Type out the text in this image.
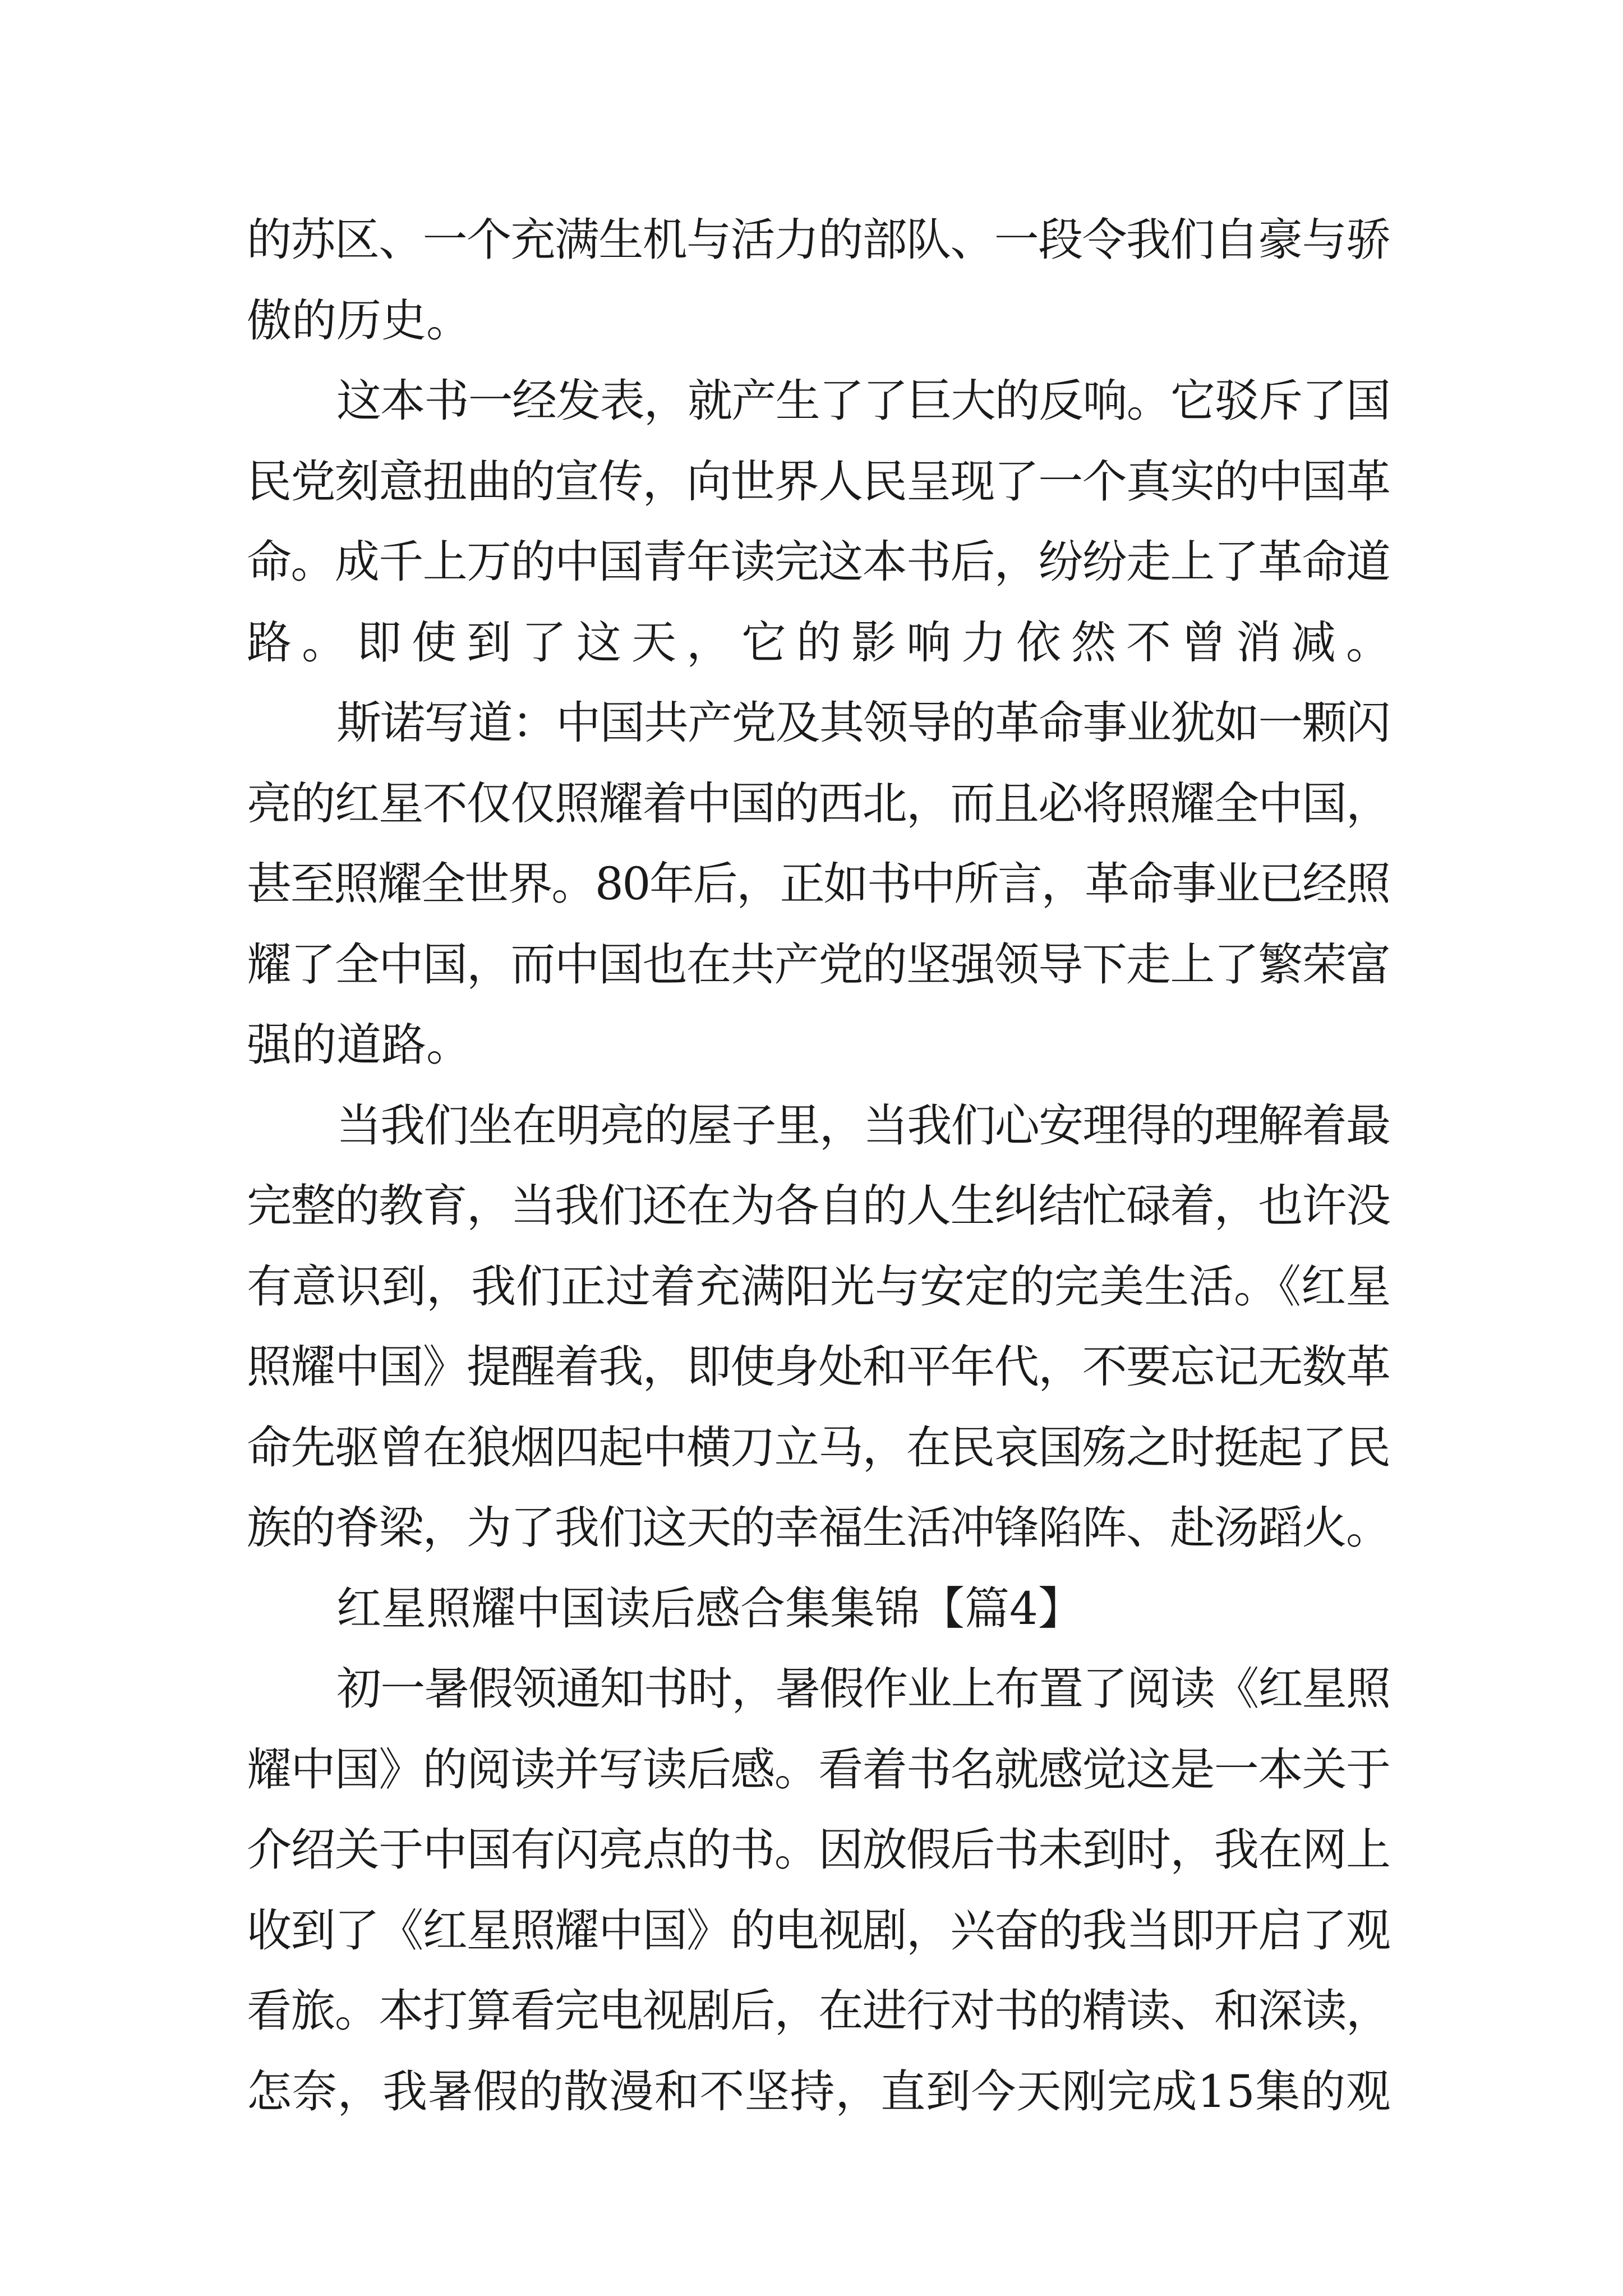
的苏区、一个充满生机与活力的部队、一段令我们自豪与骄
傲的历史。
这本书一经发表，就产生了了巨大的反响。它驳斥了国
民党刻意扭曲的宣传，向世界人民呈现了一个真实的中国革
命。成千上万的中国青年读完这本书后，纷纷走上了革命道
路。即使到了这天，它的影响力依然不曾消减。
斯诺写道：中国共产党及其领导的革命事业犹如一颗闪
亮的红星不仅仅照耀着中国的西北，而且必将照耀全中国，
甚至照耀全世界。80年后，正如书中所言，革命事业已经照
耀了全中国，而中国也在共产党的坚强领导下走上了繁荣富
强的道路。
当我们坐在明亮的屋子里，当我们心安理得的理解着最
完整的教育，当我们还在为各自的人生纠结忙碌着，也许没
有意识到，我们正过着充满阳光与安定的完美生活。《红星
照耀中国》提醒着我，即使身处和平年代，不要忘记无数革
命先驱曾在狼烟四起中横刀立马，在民哀国殇之时挺起了民
族的脊梁，为了我们这天的幸福生活冲锋陷阵、赴汤蹈火。
红星照耀中国读后感合集集锦【篇4】
初一暑假领通知书时，暑假作业上布置了阅读《红星照
耀中国》的阅读并写读后感。看着书名就感觉这是一本关于
介绍关于中国有闪亮点的书。因放假后书未到时，我在网上
收到了《红星照耀中国》的电视剧，兴奋的我当即开启了观
看旅。本打算看完电视剧后，在进行对书的精读、和深读，
怎奈，我暑假的散漫和不坚持，直到今天刚完成15集的观
